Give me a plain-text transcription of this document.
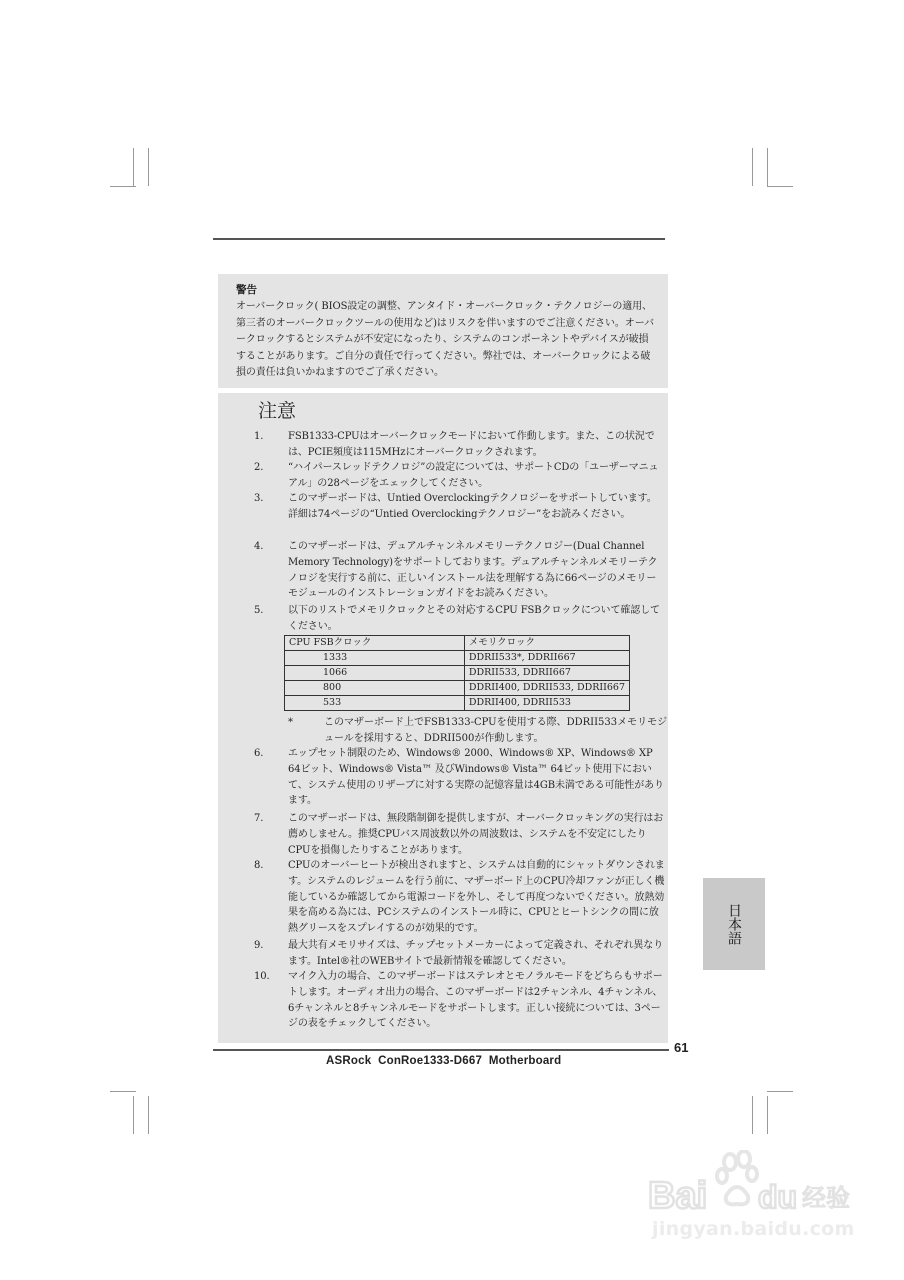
警告
オーバークロック( BIOS設定の調整、アンタイド・オーバークロック・テクノロジーの適用、第三者のオーバークロックツールの使用など)はリスクを伴いますのでご注意ください。オーバークロックするとシステムが不安定になったり、システムのコンポーネントやデバイスが破損することがあります。ご自分の責任で行ってください。弊社では、オーバークロックによる破損の責任は負いかねますのでご了承ください。
注意
1. FSB1333-CPUはオーバークロックモードにおいて作動します。また、この状況では、PCIE頻度は115MHzにオーバークロックされます。
2. “ハイパースレッドテクノロジ”の設定については、サポートCDの「ユーザーマニュアル」の28ページをエェックしてください。
3. このマザーボードは、Untied Overclockingテクノロジーをサポートしています。詳細は74ページの“Untied Overclockingテクノロジー”をお読みください。
4. このマザーボードは、デュアルチャンネルメモリーテクノロジー(Dual Channel Memory Technology)をサポートしております。デュアルチャンネルメモリーテクノロジを実行する前に、正しいインストール法を理解する為に66ページのメモリーモジュールのインストレーションガイドをお読みください。
5. 以下のリストでメモリクロックとその対応するCPU FSBクロックについて確認してください。
CPU FSBクロック	メモリクロック
1333	DDRII533*, DDRII667
1066	DDRII533, DDRII667
800	DDRII400, DDRII533, DDRII667
533	DDRII400, DDRII533
*	このマザーボード上でFSB1333-CPUを使用する際、DDRII533メモリモジュールを採用すると、DDRII500が作動します。
6. エップセット制限のため、Windows® 2000、Windows® XP、Windows® XP 64ビット、Windows® Vista™ 及びWindows® Vista™ 64ビット使用下において、システム使用のリザーブに対する実際の記憶容量は4GB未満である可能性があります。
7. このマザーボードは、無段階制御を提供しますが、オーバークロッキングの実行はお薦めしません。推奨CPUバス周波数以外の周波数は、システムを不安定にしたりCPUを損傷したりすることがあります。
8. CPUのオーバーヒートが検出されますと、システムは自動的にシャットダウンされます。システムのレジュームを行う前に、マザーボード上のCPU冷却ファンが正しく機能しているか確認してから電源コードを外し、そして再度つないでください。放熱効果を高める為には、PCシステムのインストール時に、CPUとヒートシンクの間に放熱グリースをスプレイするのが効果的です。
9. 最大共有メモリサイズは、チップセットメーカーによって定義され、それぞれ異なります。Intel®社のWEBサイトで最新情報を確認してください。
10. マイク入力の場合、このマザーボードはステレオとモノラルモードをどちらもサポートします。オーディオ出力の場合、このマザーボードは2チャンネル、4チャンネル、6チャンネルと8チャンネルモードをサポートします。正しい接続については、3ページの表をチェックしてください。
ASRock  ConRoe1333-D667  Motherboard
61
日本語
Bai du 经验
jingyan.baidu.com
